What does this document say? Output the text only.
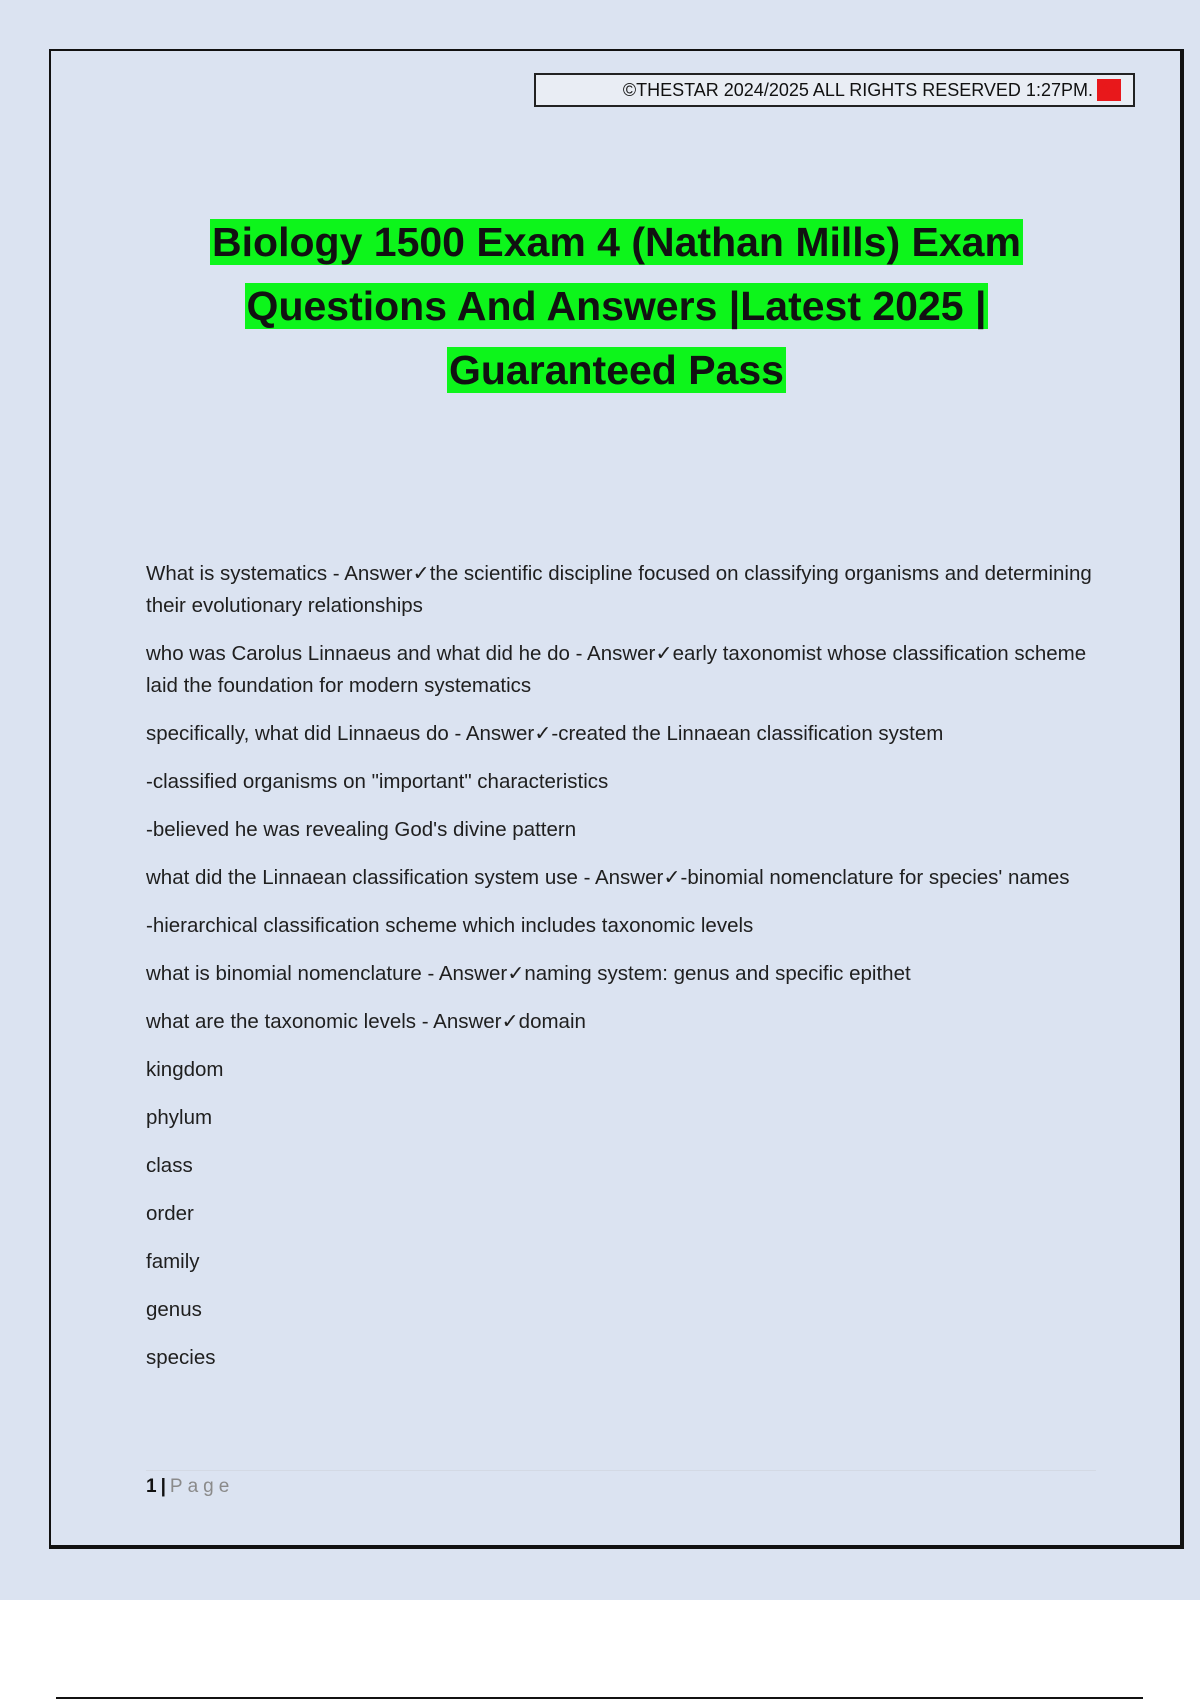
©THESTAR 2024/2025 ALL RIGHTS RESERVED 1:27PM. A+
Biology 1500 Exam 4 (Nathan Mills) Exam
Questions And Answers |Latest 2025 |
Guaranteed Pass

What is systematics - Answer✓the scientific discipline focused on classifying organisms and determining their evolutionary relationships

who was Carolus Linnaeus and what did he do - Answer✓early taxonomist whose classification scheme laid the foundation for modern systematics

specifically, what did Linnaeus do - Answer✓-created the Linnaean classification system

-classified organisms on "important" characteristics

-believed he was revealing God's divine pattern

what did the Linnaean classification system use - Answer✓-binomial nomenclature for species' names

-hierarchical classification scheme which includes taxonomic levels

what is binomial nomenclature - Answer✓naming system: genus and specific epithet

what are the taxonomic levels - Answer✓domain

kingdom

phylum

class

order

family

genus

species

1 | Page
